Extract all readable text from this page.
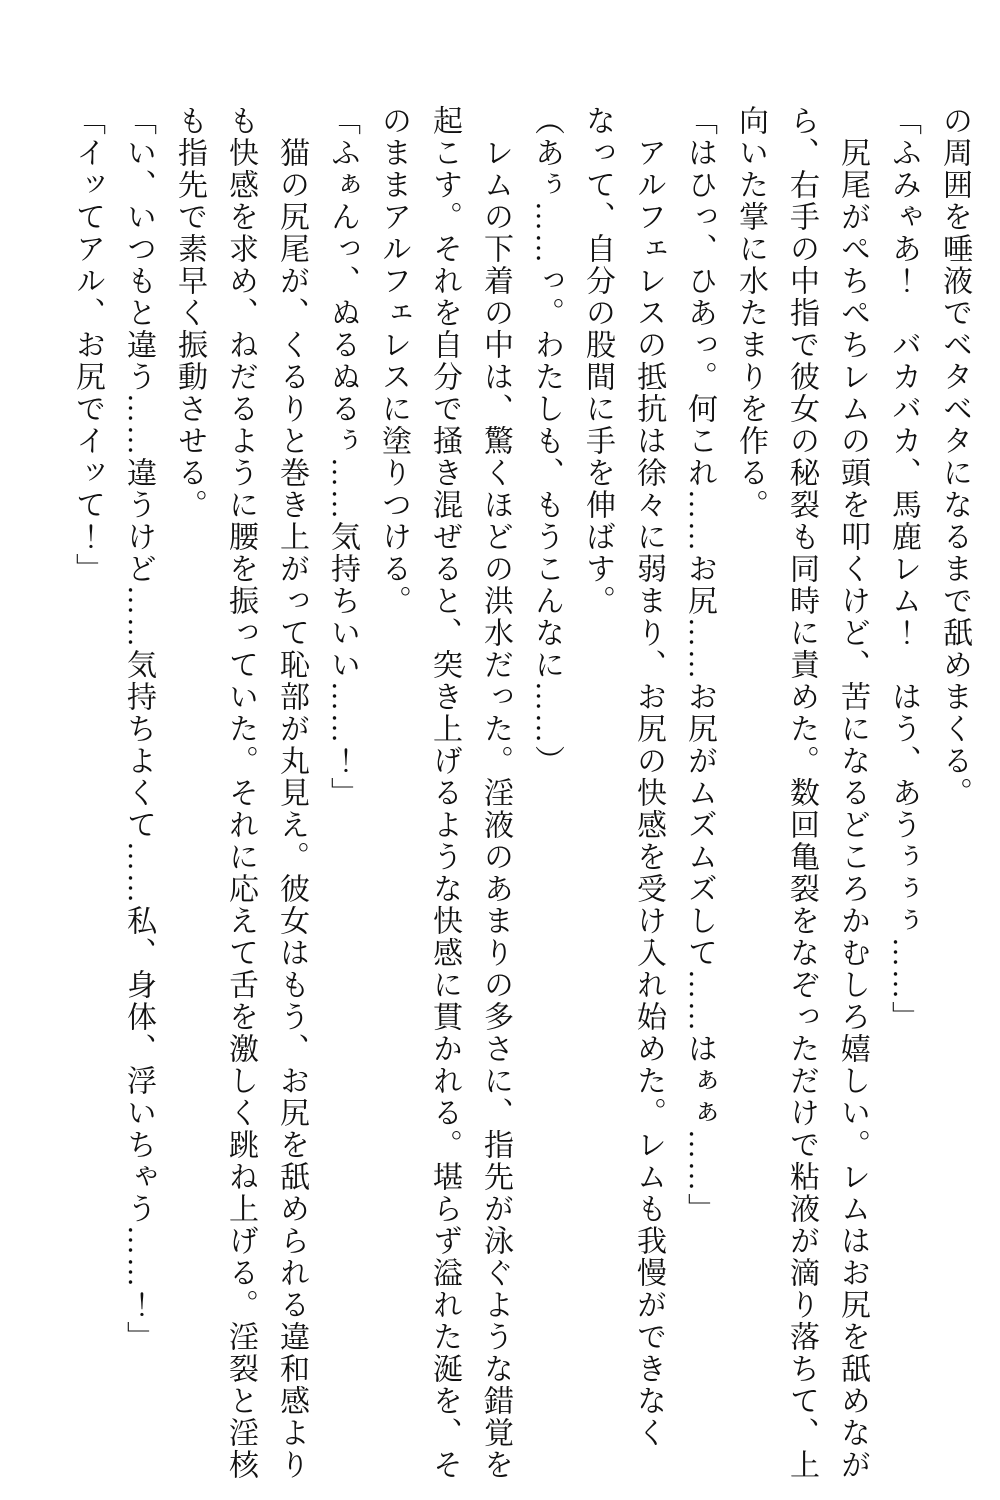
の周囲を唾液でベタベタになるまで舐めまくる。

「ふみゃあ！　バカバカ、馬鹿レム！　はう、あうぅぅぅ……」

　尻尾がぺちぺちレムの頭を叩くけど、苦になるどころかむしろ嬉しい。レムはお尻を舐めなが

ら、右手の中指で彼女の秘裂も同時に責めた。数回亀裂をなぞっただけで粘液が滴り落ちて、上

向いた掌に水たまりを作る。

「はひっ、ひあっ。何これ……お尻……お尻がムズムズして……はぁぁ……」

　アルフェレスの抵抗は徐々に弱まり、お尻の快感を受け入れ始めた。レムも我慢ができなく

なって、自分の股間に手を伸ばす。

（あぅ……っ。わたしも、もうこんなに……）

　レムの下着の中は、驚くほどの洪水だった。淫液のあまりの多さに、指先が泳ぐような錯覚を

起こす。それを自分で掻き混ぜると、突き上げるような快感に貫かれる。堪らず溢れた涎を、そ

のままアルフェレスに塗りつける。

「ふぁんっ、ぬるぬるぅ……気持ちいい……！」

　猫の尻尾が、くるりと巻き上がって恥部が丸見え。彼女はもう、お尻を舐められる違和感より

も快感を求め、ねだるように腰を振っていた。それに応えて舌を激しく跳ね上げる。淫裂と淫核

も指先で素早く振動させる。

「い、いつもと違う……違うけど……気持ちよくて……私、身体、浮いちゃう……！」

「イッてアル、お尻でイッて！」
